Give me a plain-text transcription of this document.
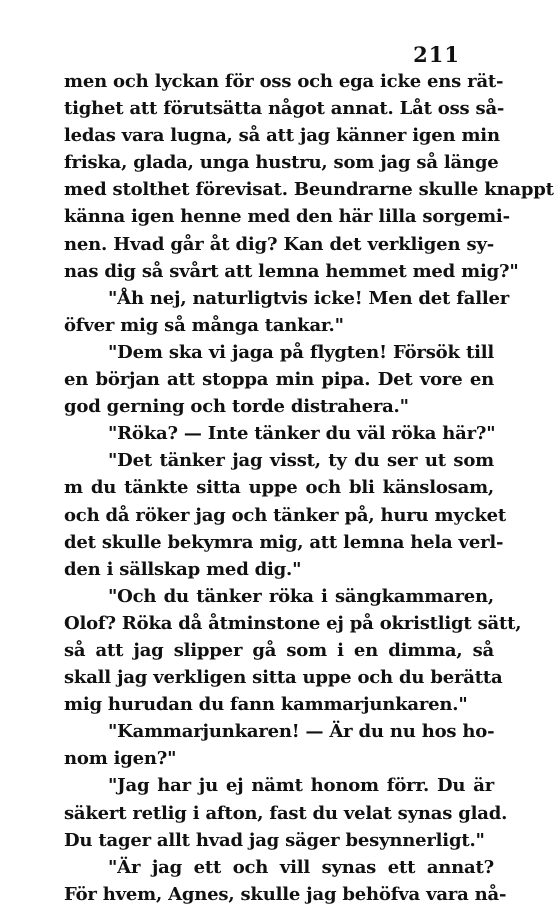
211
men och lyckan för oss och ega icke ens rät-
tighet att förutsätta något annat. Låt oss så-
ledas vara lugna, så att jag känner igen min
friska, glada, unga hustru, som jag så länge
med stolthet förevisat. Beundrarne skulle knappt
känna igen henne med den här lilla sorgemi-
nen. Hvad går åt dig? Kan det verkligen sy-
nas dig så svårt att lemna hemmet med mig?"
"Åh nej, naturligtvis icke! Men det faller
öfver mig så många tankar."
"Dem ska vi jaga på flygten! Försök till
en början att stoppa min pipa. Det vore en
god gerning och torde distrahera."
"Röka? — Inte tänker du väl röka här?"
"Det tänker jag visst, ty du ser ut som
m du tänkte sitta uppe och bli känslosam,
och då röker jag och tänker på, huru mycket
det skulle bekymra mig, att lemna hela verl-
den i sällskap med dig."
"Och du tänker röka i sängkammaren,
Olof? Röka då åtminstone ej på okristligt sätt,
så att jag slipper gå som i en dimma, så
skall jag verkligen sitta uppe och du berätta
mig hurudan du fann kammarjunkaren."
"Kammarjunkaren! — Är du nu hos ho-
nom igen?"
"Jag har ju ej nämt honom förr. Du är
säkert retlig i afton, fast du velat synas glad.
Du tager allt hvad jag säger besynnerligt."
"Är jag ett och vill synas ett annat?
För hvem, Agnes, skulle jag behöfva vara nå-
